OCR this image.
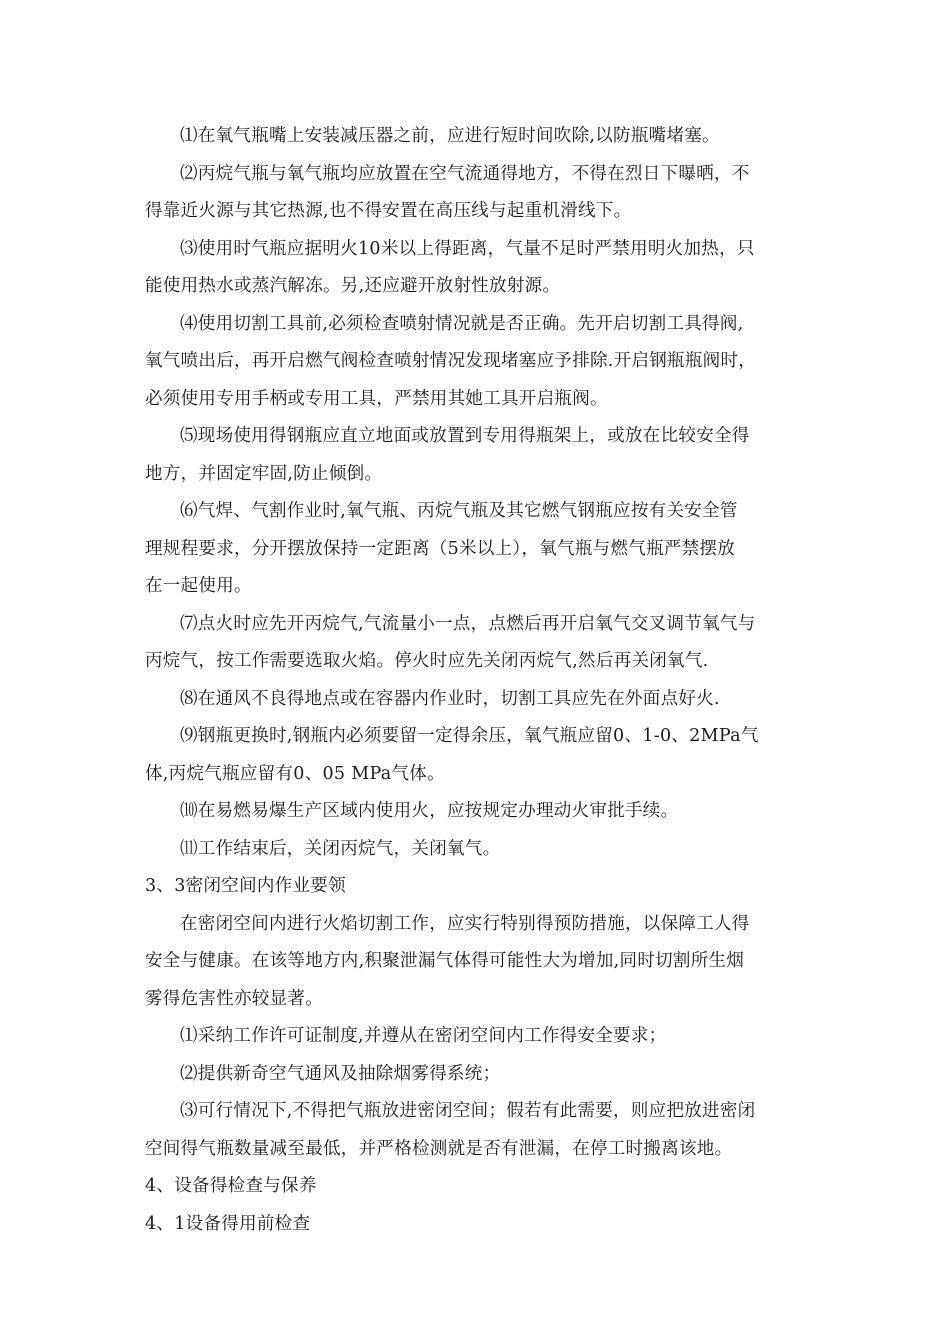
⑴在氧气瓶嘴上安装减压器之前，应进行短时间吹除,以防瓶嘴堵塞。
⑵丙烷气瓶与氧气瓶均应放置在空气流通得地方，不得在烈日下曝晒，不
得靠近火源与其它热源,也不得安置在高压线与起重机滑线下。
⑶使用时气瓶应据明火10米以上得距离，气量不足时严禁用明火加热，只
能使用热水或蒸汽解冻。另,还应避开放射性放射源。
⑷使用切割工具前,必须检查喷射情况就是否正确。先开启切割工具得阀,
氧气喷出后，再开启燃气阀检查喷射情况发现堵塞应予排除.开启钢瓶瓶阀时，
必须使用专用手柄或专用工具，严禁用其她工具开启瓶阀。
⑸现场使用得钢瓶应直立地面或放置到专用得瓶架上，或放在比较安全得
地方，并固定牢固,防止倾倒。
⑹气焊、气割作业时,氧气瓶、丙烷气瓶及其它燃气钢瓶应按有关安全管
理规程要求，分开摆放保持一定距离（5米以上），氧气瓶与燃气瓶严禁摆放
在一起使用。
⑺点火时应先开丙烷气,气流量小一点，点燃后再开启氧气交叉调节氧气与
丙烷气，按工作需要选取火焰。停火时应先关闭丙烷气,然后再关闭氧气.
⑻在通风不良得地点或在容器内作业时，切割工具应先在外面点好火.
⑼钢瓶更换时,钢瓶内必须要留一定得余压，氧气瓶应留0、1-0、2MPa气
体,丙烷气瓶应留有0、05 MPa气体。
⑽在易燃易爆生产区域内使用火，应按规定办理动火审批手续。
⑾工作结束后，关闭丙烷气，关闭氧气。
3、3密闭空间内作业要领
在密闭空间内进行火焰切割工作，应实行特别得预防措施，以保障工人得
安全与健康。在该等地方内,积聚泄漏气体得可能性大为增加,同时切割所生烟
雾得危害性亦较显著。
⑴采纳工作许可证制度,并遵从在密闭空间内工作得安全要求；
⑵提供新奇空气通风及抽除烟雾得系统；
⑶可行情况下,不得把气瓶放进密闭空间；假若有此需要，则应把放进密闭
空间得气瓶数量减至最低，并严格检测就是否有泄漏，在停工时搬离该地。
4、设备得检查与保养
4、1设备得用前检查
